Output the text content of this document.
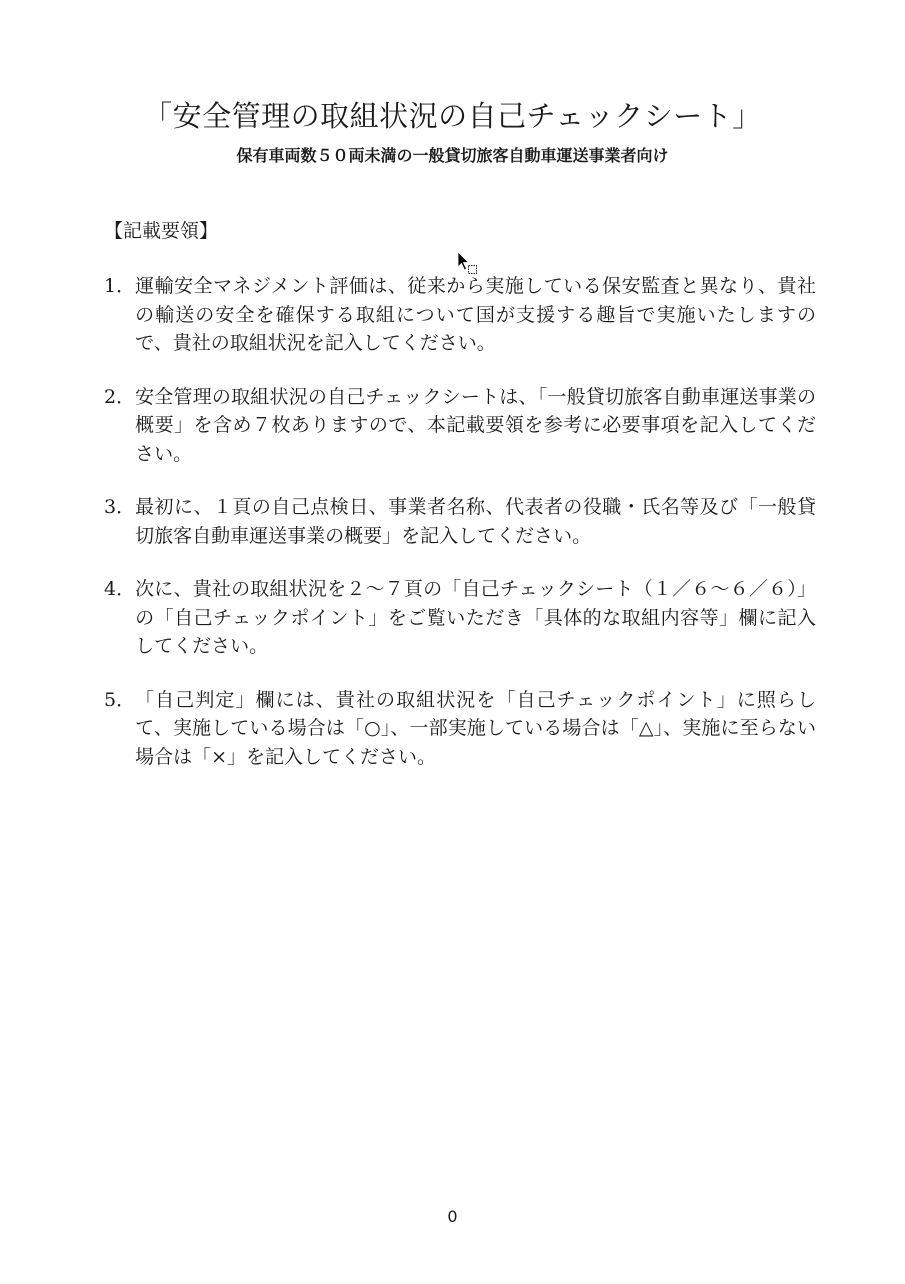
「安全管理の取組状況の自己チェックシート」
保有車両数５０両未満の一般貸切旅客自動車運送事業者向け
【記載要領】
1． 運輸安全マネジメント評価は、従来から実施している保安監査と異なり、貴社の輸送の安全を確保する取組について国が支援する趣旨で実施いたしますので、貴社の取組状況を記入してください。
2． 安全管理の取組状況の自己チェックシートは、「一般貸切旅客自動車運送事業の概要」を含め７枚ありますので、本記載要領を参考に必要事項を記入してください。
3． 最初に、１頁の自己点検日、事業者名称、代表者の役職・氏名等及び「一般貸切旅客自動車運送事業の概要」を記入してください。
4． 次に、貴社の取組状況を２～７頁の「自己チェックシート（１／６～６／６）」の「自己チェックポイント」をご覧いただき「具体的な取組内容等」欄に記入してください。
5． 「自己判定」欄には、貴社の取組状況を「自己チェックポイント」に照らして、実施している場合は「○」、一部実施している場合は「△」、実施に至らない場合は「×」を記入してください。
0
